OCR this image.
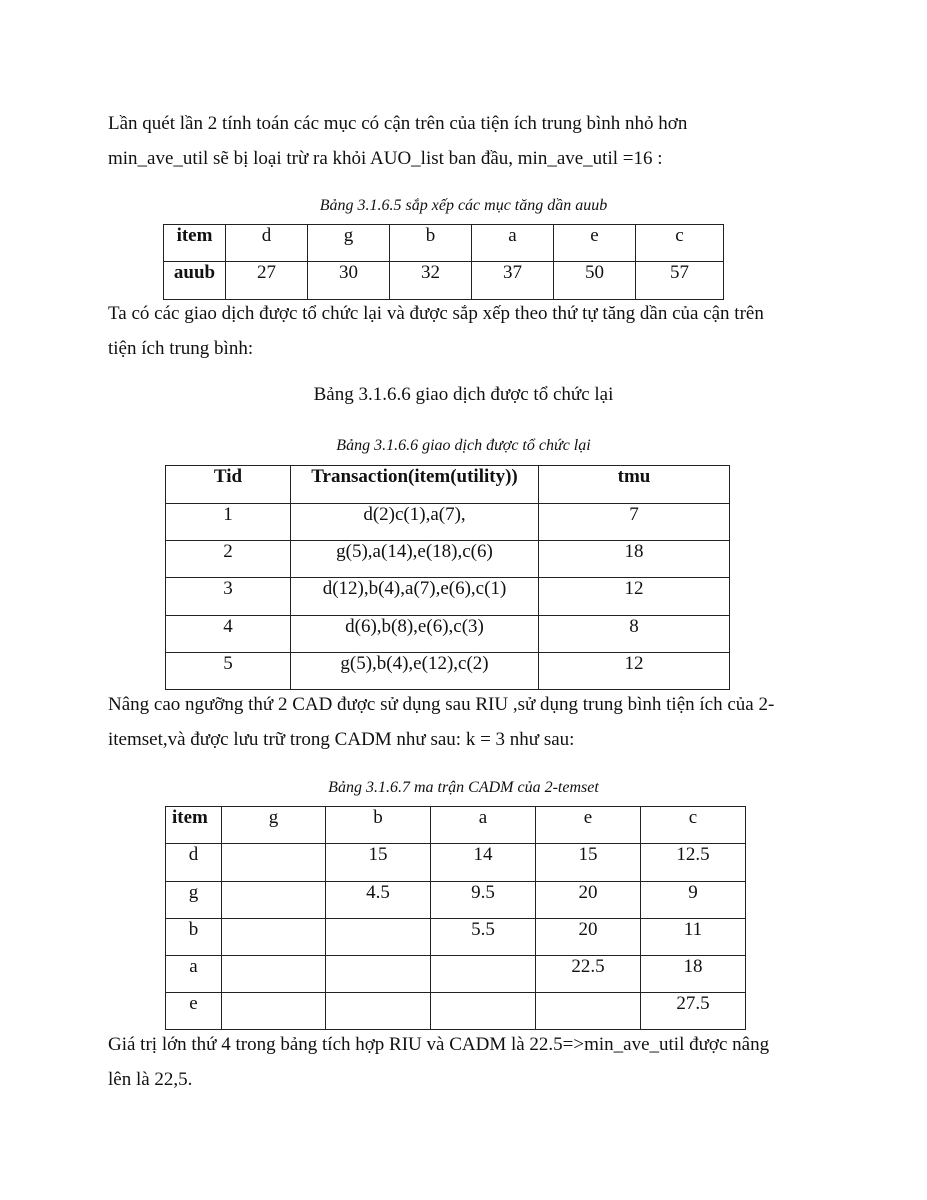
Lần quét lần 2 tính toán các mục có cận trên của tiện ích trung bình nhỏ hơn

min_ave_util sẽ bị loại trừ ra khỏi AUO_list ban đầu, min_ave_util =16 :

Bảng 3.1.6.5 sắp xếp các mục tăng dần auub

item	d	g	b	a	e	c
auub	27	30	32	37	50	57

Ta có các giao dịch được tổ chức lại và được sắp xếp theo thứ tự tăng dần của cận trên

tiện ích trung bình:

Bảng 3.1.6.6 giao dịch được tổ chức lại

Bảng 3.1.6.6 giao dịch được tổ chức lại

Tid	Transaction(item(utility))	tmu
1	d(2)c(1),a(7),	7
2	g(5),a(14),e(18),c(6)	18
3	d(12),b(4),a(7),e(6),c(1)	12
4	d(6),b(8),e(6),c(3)	8
5	g(5),b(4),e(12),c(2)	12

Nâng cao ngưỡng thứ 2 CAD được sử dụng sau RIU ,sử dụng trung bình tiện ích của 2-

itemset,và được lưu trữ trong CADM như sau: k = 3 như sau:

Bảng 3.1.6.7 ma trận CADM của 2-temset

item	g	b	a	e	c
d		15	14	15	12.5
g		4.5	9.5	20	9
b			5.5	20	11
a				22.5	18
e					27.5

Giá trị lớn thứ 4 trong bảng tích hợp RIU và CADM là 22.5=>min_ave_util được nâng

lên là 22,5.
